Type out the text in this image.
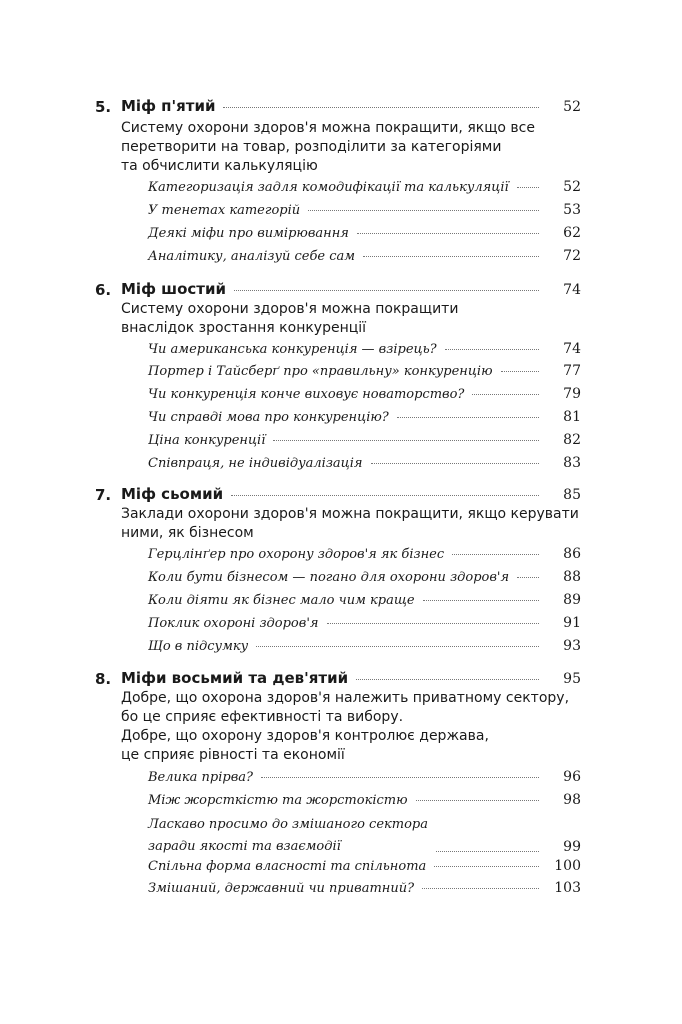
5. Міф п'ятий	52
Систему охорони здоров'я можна покращити, якщо все
перетворити на товар, розподілити за категоріями
та обчислити калькуляцію
Категоризація задля комодифікації та калькуляції	52
У тенетах категорій	53
Деякі міфи про вимірювання	62
Аналітику, аналізуй себе сам	72
6. Міф шостий	74
Систему охорони здоров'я можна покращити
внаслідок зростання конкуренції
Чи американська конкуренція — взірець?	74
Портер і Тайсберґ про «правильну» конкуренцію	77
Чи конкуренція конче виховує новаторство?	79
Чи справді мова про конкуренцію?	81
Ціна конкуренції	82
Співпраця, не індивідуалізація	83
7. Міф сьомий	85
Заклади охорони здоров'я можна покращити, якщо керувати
ними, як бізнесом
Герцлінґер про охорону здоров'я як бізнес	86
Коли бути бізнесом — погано для охорони здоров'я	88
Коли діяти як бізнес мало чим краще	89
Поклик охороні здоров'я	91
Що в підсумку	93
8. Міфи восьмий та дев'ятий	95
Добре, що охорона здоров'я належить приватному сектору,
бо це сприяє ефективності та вибору.
Добре, що охорону здоров'я контролює держава,
це сприяє рівності та економії
Велика прірва?	96
Між жорсткістю та жорстокістю	98
Ласкаво просимо до змішаного сектора
заради якості та взаємодії	99
Спільна форма власності та спільнота	100
Змішаний, державний чи приватний?	103
